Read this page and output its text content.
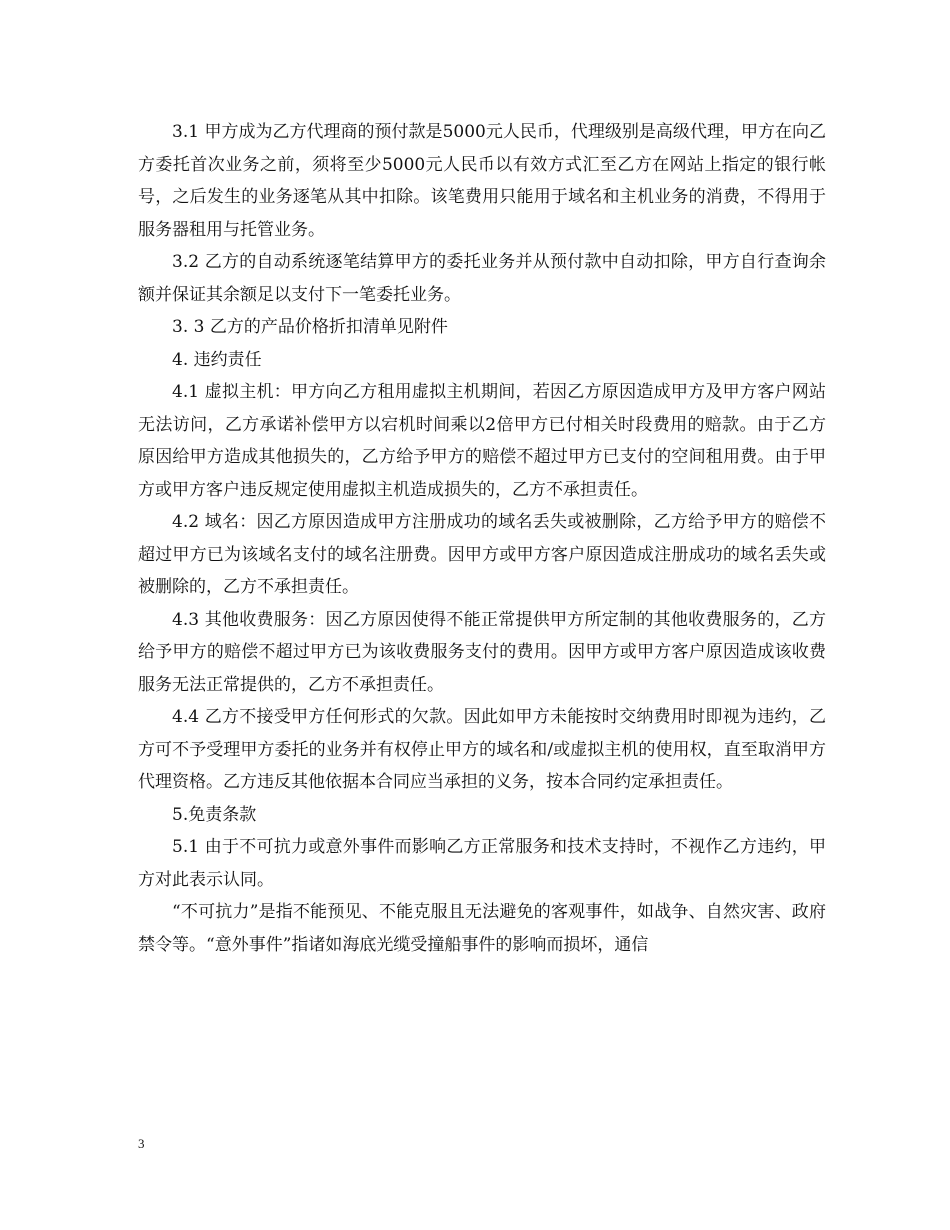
3.1 甲方成为乙方代理商的预付款是5000元人民币，代理级别是高级代理，甲方在向乙方委托首次业务之前，须将至少5000元人民币以有效方式汇至乙方在网站上指定的银行帐号，之后发生的业务逐笔从其中扣除。该笔费用只能用于域名和主机业务的消费，不得用于服务器租用与托管业务。

3.2 乙方的自动系统逐笔结算甲方的委托业务并从预付款中自动扣除，甲方自行查询余额并保证其余额足以支付下一笔委托业务。

3. 3 乙方的产品价格折扣清单见附件

4. 违约责任

4.1 虚拟主机：甲方向乙方租用虚拟主机期间，若因乙方原因造成甲方及甲方客户网站无法访问，乙方承诺补偿甲方以宕机时间乘以2倍甲方已付相关时段费用的赔款。由于乙方原因给甲方造成其他损失的，乙方给予甲方的赔偿不超过甲方已支付的空间租用费。由于甲方或甲方客户违反规定使用虚拟主机造成损失的，乙方不承担责任。

4.2 域名：因乙方原因造成甲方注册成功的域名丢失或被删除，乙方给予甲方的赔偿不超过甲方已为该域名支付的域名注册费。因甲方或甲方客户原因造成注册成功的域名丢失或被删除的，乙方不承担责任。

4.3 其他收费服务：因乙方原因使得不能正常提供甲方所定制的其他收费服务的，乙方给予甲方的赔偿不超过甲方已为该收费服务支付的费用。因甲方或甲方客户原因造成该收费服务无法正常提供的，乙方不承担责任。

4.4 乙方不接受甲方任何形式的欠款。因此如甲方未能按时交纳费用时即视为违约，乙方可不予受理甲方委托的业务并有权停止甲方的域名和/或虚拟主机的使用权，直至取消甲方代理资格。乙方违反其他依据本合同应当承担的义务，按本合同约定承担责任。

5.免责条款

5.1 由于不可抗力或意外事件而影响乙方正常服务和技术支持时，不视作乙方违约，甲方对此表示认同。

“不可抗力”是指不能预见、不能克服且无法避免的客观事件，如战争、自然灾害、政府禁令等。“意外事件”指诸如海底光缆受撞船事件的影响而损坏，通信

3
